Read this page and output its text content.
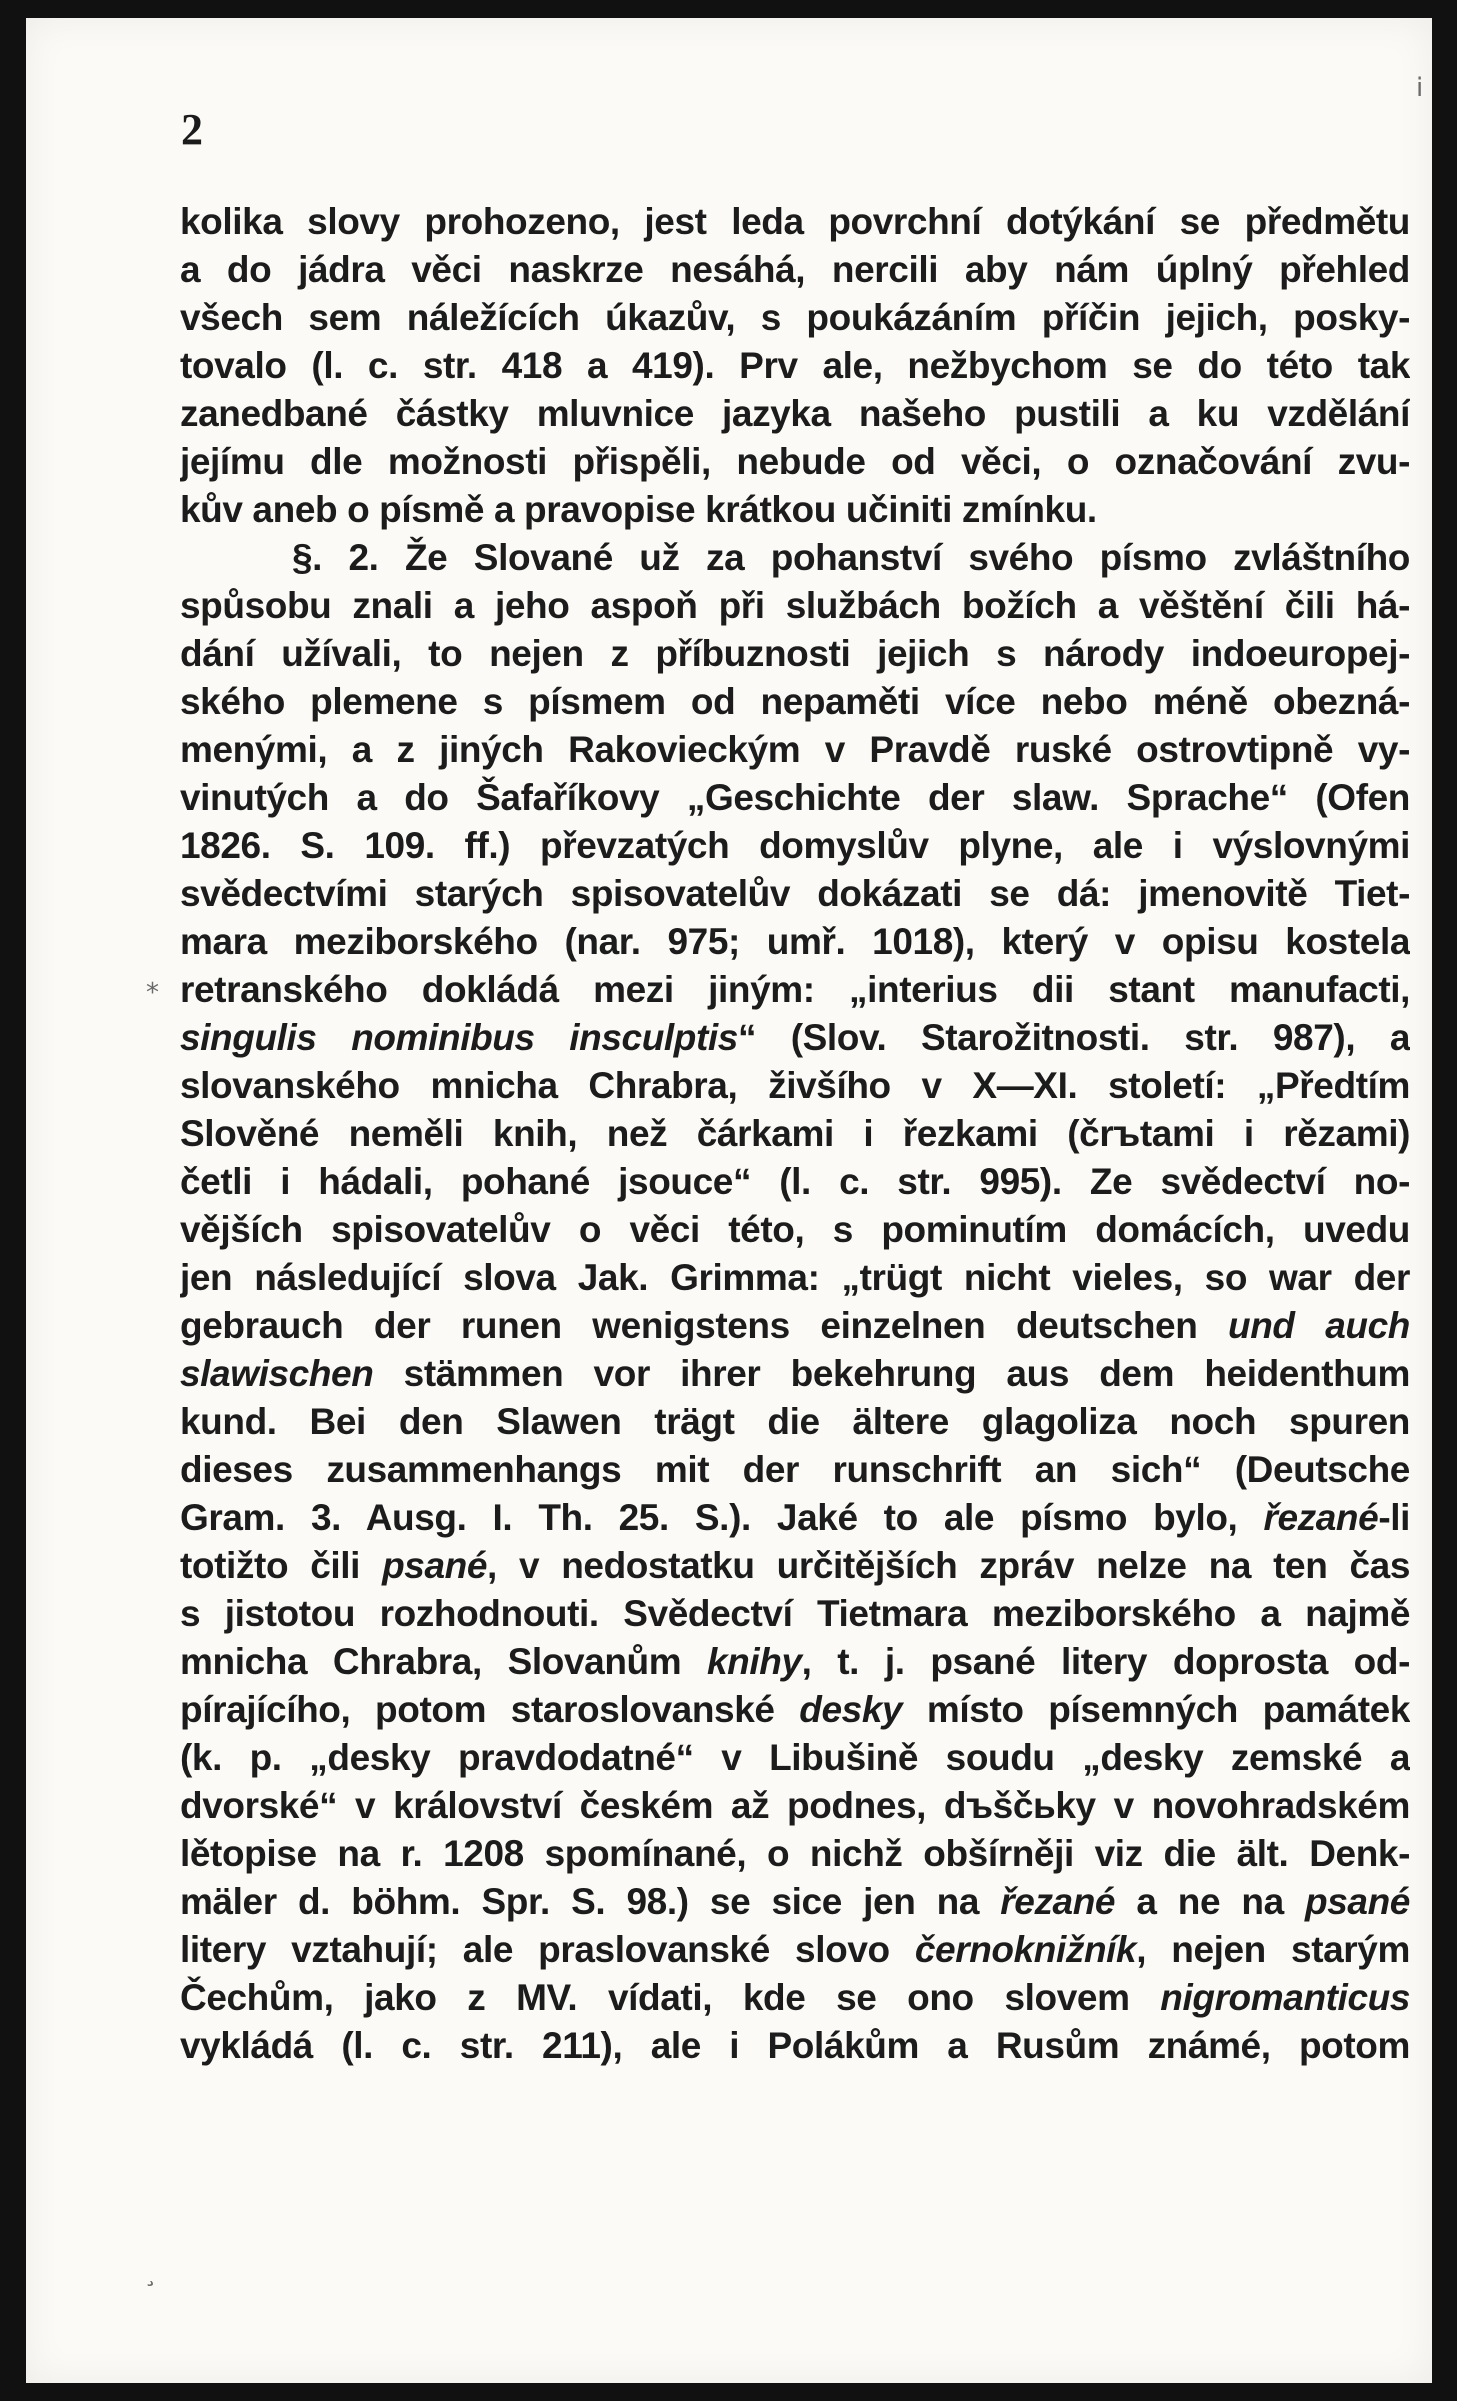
2
kolika slovy prohozeno, jest leda povrchní dotýkání se předmětu
a do jádra věci naskrze nesáhá, nercili aby nám úplný přehled
všech sem náležících úkazův, s poukázáním příčin jejich, posky-
tovalo (l. c. str. 418 a 419). Prv ale, nežbychom se do této tak
zanedbané částky mluvnice jazyka našeho pustili a ku vzdělání
jejímu dle možnosti přispěli, nebude od věci, o označování zvu-
kův aneb o písmě a pravopise krátkou učiniti zmínku.
§. 2. Že Slované už za pohanství svého písmo zvláštního
spůsobu znali a jeho aspoň při službách božích a věštění čili há-
dání užívali, to nejen z příbuznosti jejich s národy indoeuropej-
ského plemene s písmem od nepaměti více nebo méně obezná-
menými, a z jiných Rakovieckým v Pravdě ruské ostrovtipně vy-
vinutých a do Šafaříkovy „Geschichte der slaw. Sprache“ (Ofen
1826. S. 109. ff.) převzatých domyslův plyne, ale i výslovnými
svědectvími starých spisovatelův dokázati se dá: jmenovitě Tiet-
mara meziborského (nar. 975; umř. 1018), který v opisu kostela
retranského dokládá mezi jiným: „interius dii stant manufacti,
singulis nominibus insculptis“ (Slov. Starožitnosti. str. 987), a
slovanského mnicha Chrabra, živšího v X—XI. století: „Předtím
Slověné neměli knih, než čárkami i řezkami (črъtami i rězami)
četli i hádali, pohané jsouce“ (l. c. str. 995). Ze svědectví no-
vějších spisovatelův o věci této, s pominutím domácích, uvedu
jen následující slova Jak. Grimma: „trügt nicht vieles, so war der
gebrauch der runen wenigstens einzelnen deutschen und auch
slawischen stämmen vor ihrer bekehrung aus dem heidenthum
kund. Bei den Slawen trägt die ältere glagoliza noch spuren
dieses zusammenhangs mit der runschrift an sich“ (Deutsche
Gram. 3. Ausg. I. Th. 25. S.). Jaké to ale písmo bylo, řezané-li
totižto čili psané, v nedostatku určitějších zpráv nelze na ten čas
s jistotou rozhodnouti. Svědectví Tietmara meziborského a najmě
mnicha Chrabra, Slovanům knihy, t. j. psané litery doprosta od-
pírajícího, potom staroslovanské desky místo písemných památek
(k. p. „desky pravdodatné“ v Libušině soudu „desky zemské a
dvorské“ v království českém až podnes, dъščьky v novohradském
lětopise na r. 1208 spomínané, o nichž obšírněji viz die ält. Denk-
mäler d. böhm. Spr. S. 98.) se sice jen na řezané a ne na psané
litery vztahují; ale praslovanské slovo černoknižník, nejen starým
Čechům, jako z MV. vídati, kde se ono slovem nigromanticus
vykládá (l. c. str. 211), ale i Polákům a Rusům známé, potom
i
*
¸
